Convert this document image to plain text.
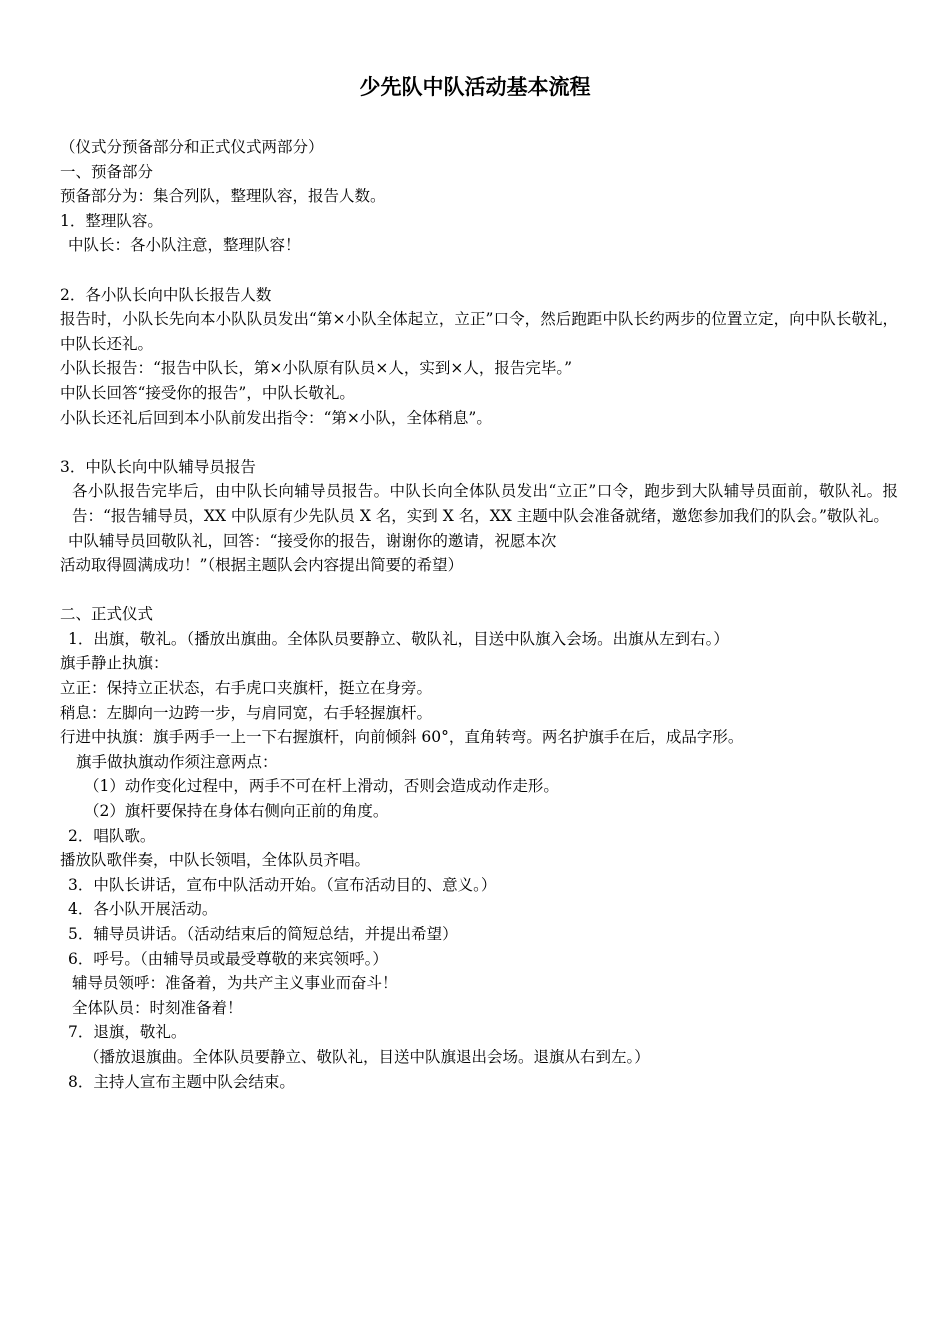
少先队中队活动基本流程
（仪式分预备部分和正式仪式两部分）
一、预备部分
预备部分为：集合列队，整理队容，报告人数。
1．整理队容。
中队长：各小队注意，整理队容！
2．各小队长向中队长报告人数
报告时，小队长先向本小队队员发出“第×小队全体起立，立正”口令，然后跑距中队长约两步的位置立定，向中队长敬礼，中队长还礼。
小队长报告：“报告中队长，第×小队原有队员×人，实到×人，报告完毕。”
中队长回答“接受你的报告”，中队长敬礼。
小队长还礼后回到本小队前发出指令：“第×小队，全体稍息”。
3．中队长向中队辅导员报告
各小队报告完毕后，由中队长向辅导员报告。中队长向全体队员发出“立正”口令，跑步到大队辅导员面前，敬队礼。报告：“报告辅导员，XX 中队原有少先队员 X 名，实到 X 名，XX 主题中队会准备就绪，邀您参加我们的队会。”敬队礼。
中队辅导员回敬队礼，回答：“接受你的报告，谢谢你的邀请，祝愿本次
活动取得圆满成功！”（根据主题队会内容提出简要的希望）
二、正式仪式
1．出旗，敬礼。（播放出旗曲。全体队员要静立、敬队礼，目送中队旗入会场。出旗从左到右。）
旗手静止执旗：
立正：保持立正状态，右手虎口夹旗杆，挺立在身旁。
稍息：左脚向一边跨一步，与肩同宽，右手轻握旗杆。
行进中执旗：旗手两手一上一下右握旗杆，向前倾斜 60°，直角转弯。两名护旗手在后，成品字形。
旗手做执旗动作须注意两点：
（1）动作变化过程中，两手不可在杆上滑动，否则会造成动作走形。
（2）旗杆要保持在身体右侧向正前的角度。
2．唱队歌。
播放队歌伴奏，中队长领唱，全体队员齐唱。
3．中队长讲话，宣布中队活动开始。（宣布活动目的、意义。）
4．各小队开展活动。
5．辅导员讲话。（活动结束后的简短总结，并提出希望）
6．呼号。（由辅导员或最受尊敬的来宾领呼。）
辅导员领呼：准备着，为共产主义事业而奋斗！
全体队员：时刻准备着！
7．退旗，敬礼。
（播放退旗曲。全体队员要静立、敬队礼，目送中队旗退出会场。退旗从右到左。）
8．主持人宣布主题中队会结束。
